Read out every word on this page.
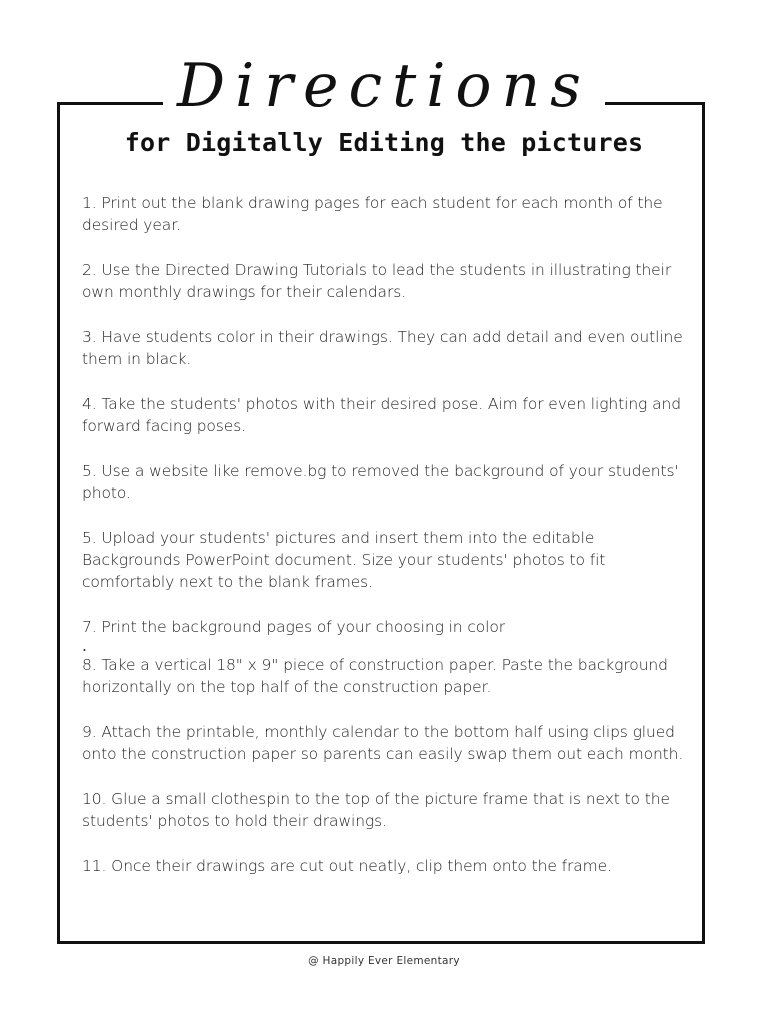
Directions
for Digitally Editing the pictures
1. Print out the blank drawing pages for each student for each month of the desired year.
2. Use the Directed Drawing Tutorials to lead the students in illustrating their own monthly drawings for their calendars.
3. Have students color in their drawings. They can add detail and even outline them in black.
4. Take the students' photos with their desired pose. Aim for even lighting and forward facing poses.
5. Use a website like remove.bg to removed the background of your students' photo.
5. Upload your students' pictures and insert them into the editable Backgrounds PowerPoint document. Size your students' photos to fit comfortably next to the blank frames.
7. Print the background pages of your choosing in color
.
8. Take a vertical 18" x 9" piece of construction paper. Paste the background horizontally on the top half of the construction paper.
9. Attach the printable, monthly calendar to the bottom half using clips glued onto the construction paper so parents can easily swap them out each month.
10. Glue a small clothespin to the top of the picture frame that is next to the students' photos to hold their drawings.
11. Once their drawings are cut out neatly, clip them onto the frame.
@ Happily Ever Elementary
